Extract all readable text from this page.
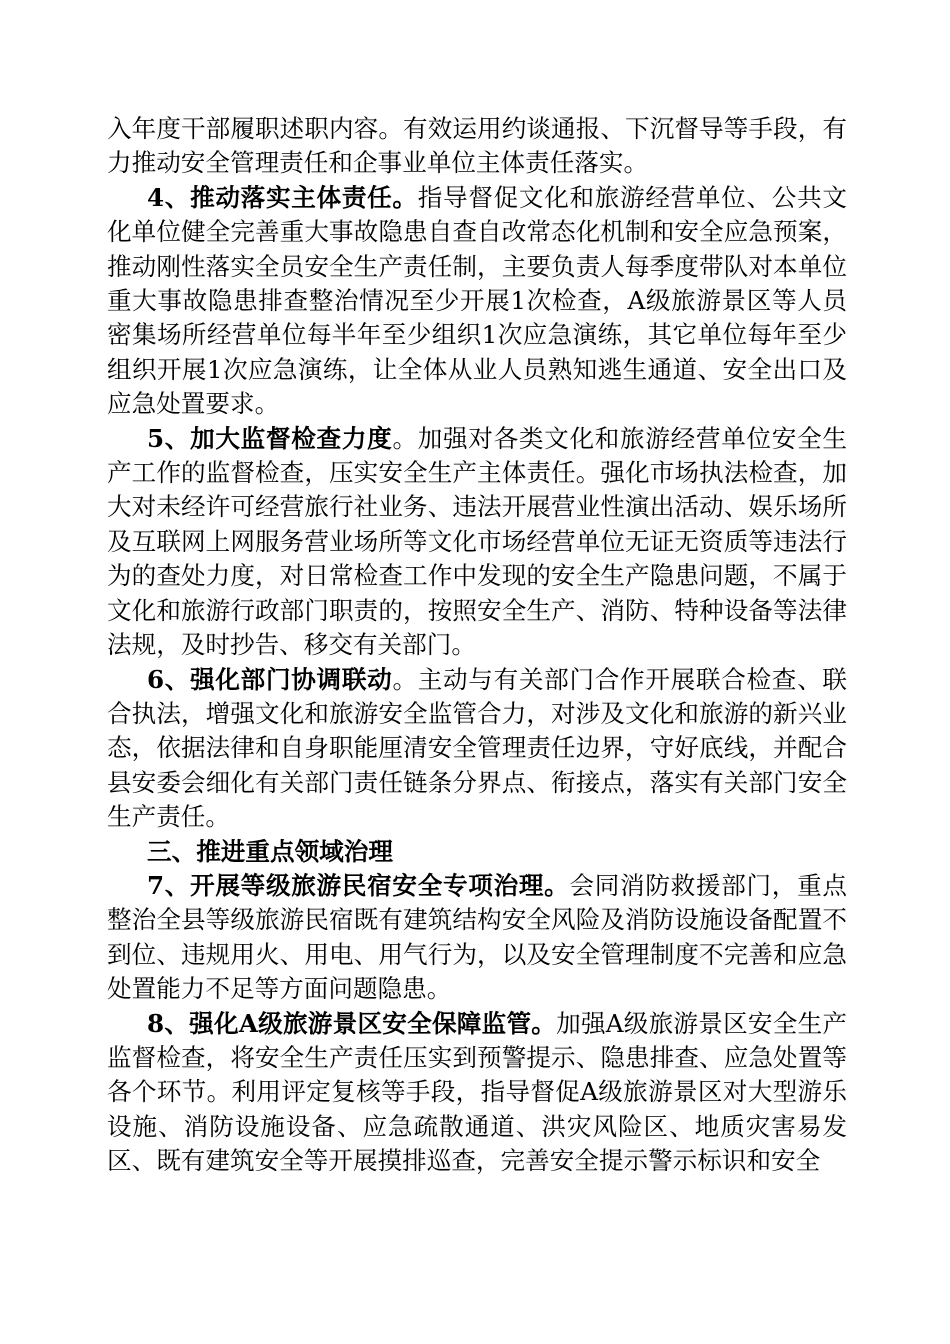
入年度干部履职述职内容。有效运用约谈通报、下沉督导等手段，有力推动安全管理责任和企事业单位主体责任落实。

4、推动落实主体责任。指导督促文化和旅游经营单位、公共文化单位健全完善重大事故隐患自查自改常态化机制和安全应急预案，推动刚性落实全员安全生产责任制，主要负责人每季度带队对本单位重大事故隐患排查整治情况至少开展1次检查，A级旅游景区等人员密集场所经营单位每半年至少组织1次应急演练，其它单位每年至少组织开展1次应急演练，让全体从业人员熟知逃生通道、安全出口及应急处置要求。

5、加大监督检查力度。加强对各类文化和旅游经营单位安全生产工作的监督检查，压实安全生产主体责任。强化市场执法检查，加大对未经许可经营旅行社业务、违法开展营业性演出活动、娱乐场所及互联网上网服务营业场所等文化市场经营单位无证无资质等违法行为的查处力度，对日常检查工作中发现的安全生产隐患问题，不属于文化和旅游行政部门职责的，按照安全生产、消防、特种设备等法律法规，及时抄告、移交有关部门。

6、强化部门协调联动。主动与有关部门合作开展联合检查、联合执法，增强文化和旅游安全监管合力，对涉及文化和旅游的新兴业态，依据法律和自身职能厘清安全管理责任边界，守好底线，并配合县安委会细化有关部门责任链条分界点、衔接点，落实有关部门安全生产责任。

三、推进重点领域治理

7、开展等级旅游民宿安全专项治理。会同消防救援部门，重点整治全县等级旅游民宿既有建筑结构安全风险及消防设施设备配置不到位、违规用火、用电、用气行为，以及安全管理制度不完善和应急处置能力不足等方面问题隐患。

8、强化A级旅游景区安全保障监管。加强A级旅游景区安全生产监督检查，将安全生产责任压实到预警提示、隐患排查、应急处置等各个环节。利用评定复核等手段，指导督促A级旅游景区对大型游乐设施、消防设施设备、应急疏散通道、洪灾风险区、地质灾害易发区、既有建筑安全等开展摸排巡查，完善安全提示警示标识和安全
